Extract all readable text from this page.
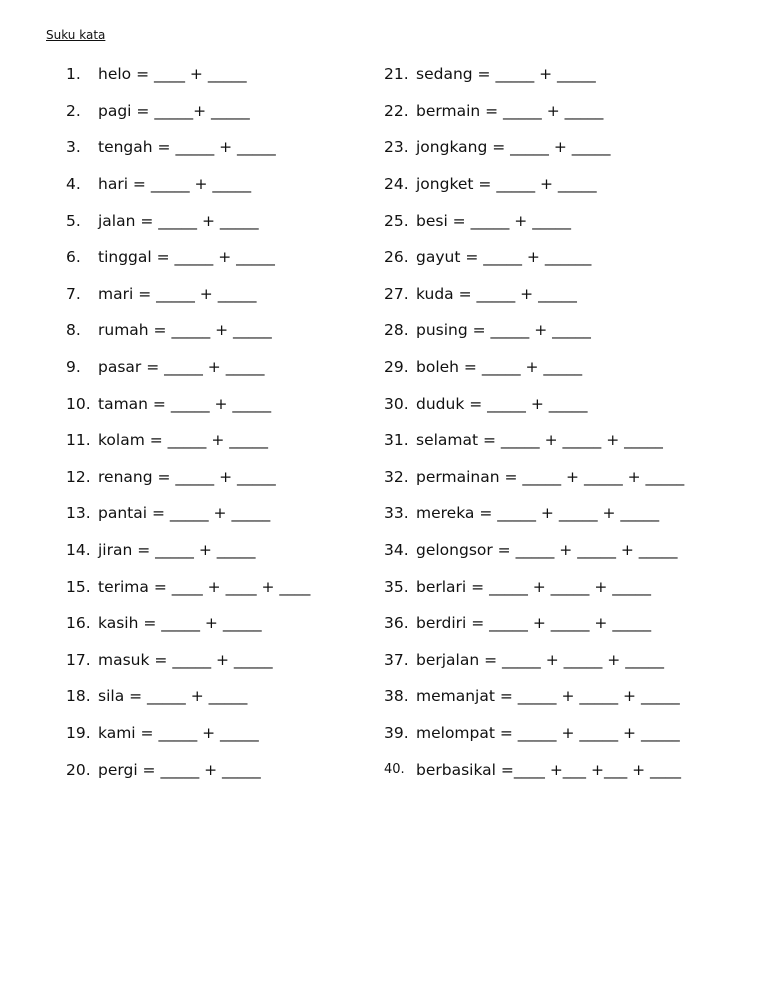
Suku kata
1.	helo = ____ + _____
2.	pagi = _____+ _____
3.	tengah = _____ + _____
4.	hari = _____ + _____
5.	jalan = _____ + _____
6.	tinggal = _____ + _____
7.	mari = _____ + _____
8.	rumah = _____ + _____
9.	pasar = _____ + _____
10. taman = _____ + _____
11. kolam = _____ + _____
12. renang = _____ + _____
13. pantai = _____ + _____
14. jiran = _____ + _____
15. terima = ____ + ____ + ____
16. kasih = _____ + _____
17. masuk = _____ + _____
18. sila = _____ + _____
19. kami = _____ + _____
20. pergi = _____ + _____
21. sedang = _____ + _____
22. bermain = _____ + _____
23. jongkang = _____ + _____
24. jongket = _____ + _____
25. besi = _____ + _____
26. gayut = _____ + ______
27. kuda = _____ + _____
28. pusing = _____ + _____
29. boleh = _____ + _____
30. duduk = _____ + _____
31. selamat = _____ + _____ + _____
32. permainan = _____ + _____ + _____
33. mereka = _____ + _____ + _____
34. gelongsor = _____ + _____ + _____
35. berlari = _____ + _____ + _____
36. berdiri = _____ + _____ + _____
37. berjalan = _____ + _____ + _____
38. memanjat = _____ + _____ + _____
39. melompat = _____ + _____ + _____
40. berbasikal =____ +___ +___ + ____
